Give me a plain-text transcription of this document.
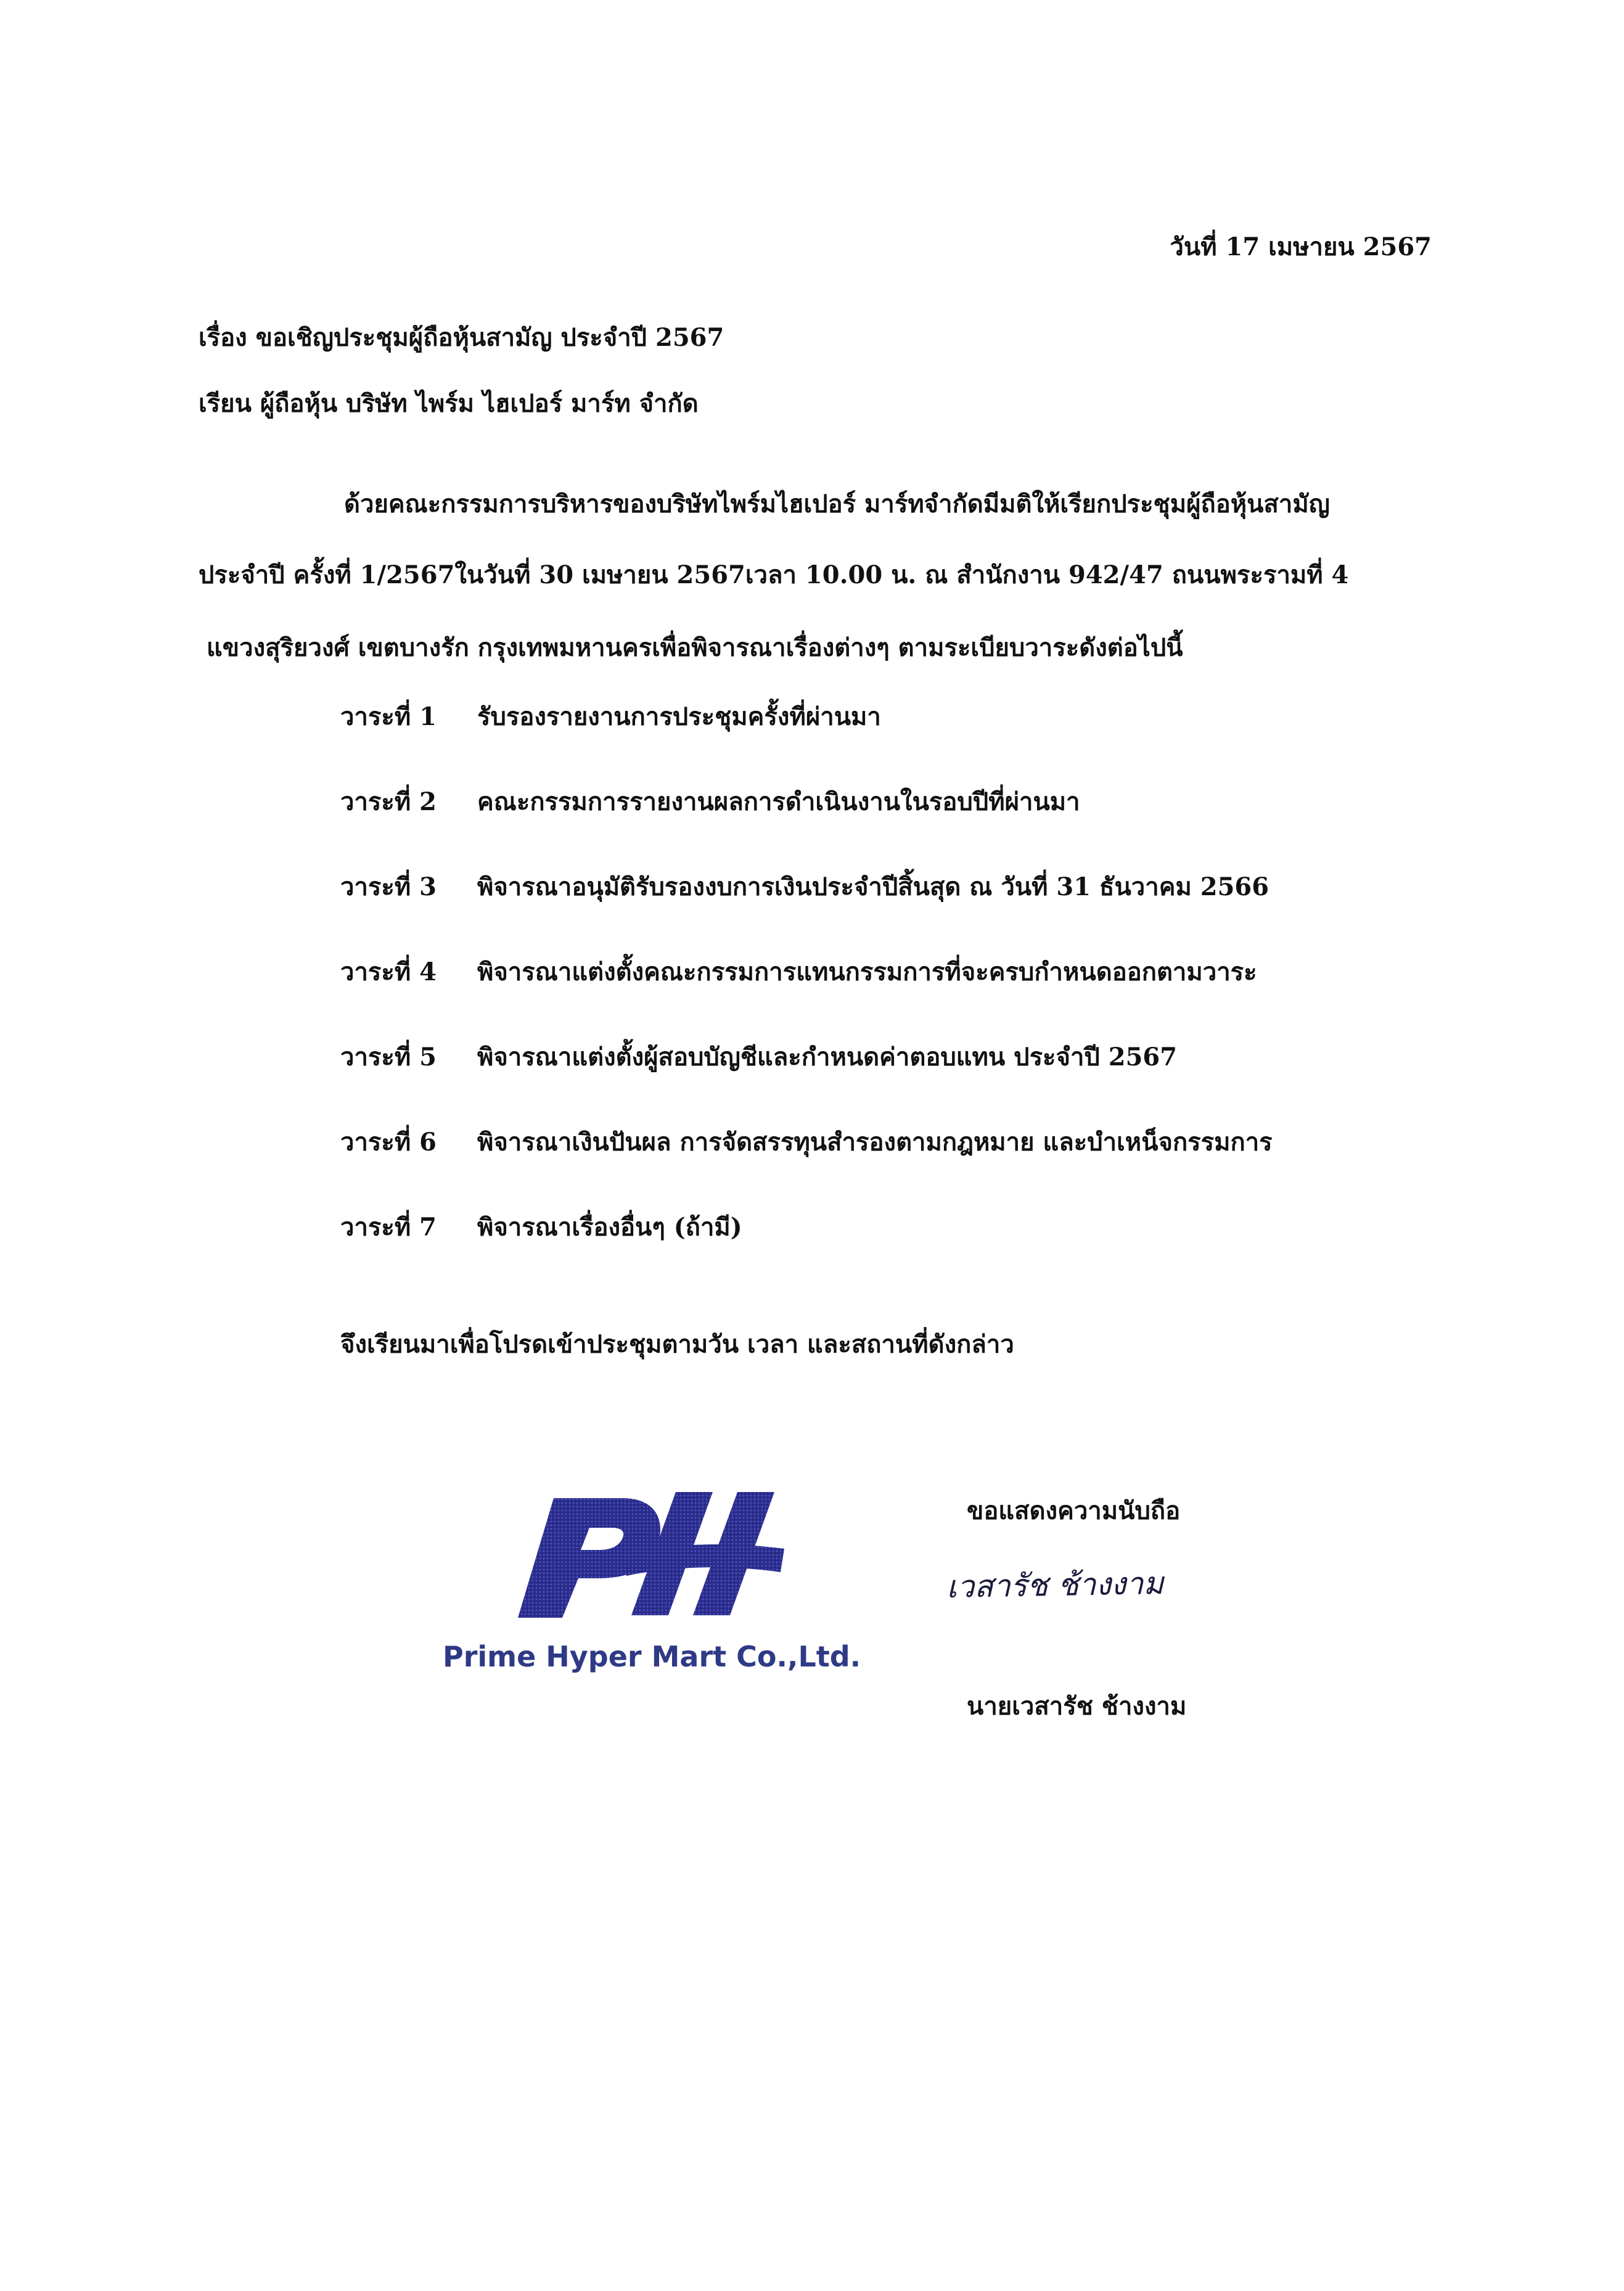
วันที่ 17 เมษายน 2567
เรื่อง ขอเชิญประชุมผู้ถือหุ้นสามัญ ประจำปี 2567
เรียน ผู้ถือหุ้น บริษัท ไพร์ม ไฮเปอร์ มาร์ท จำกัด
ด้วยคณะกรรมการบริหารของบริษัทไพร์มไฮเปอร์ มาร์ทจำกัดมีมติให้เรียกประชุมผู้ถือหุ้นสามัญ
ประจำปี ครั้งที่ 1/2567ในวันที่ 30 เมษายน 2567เวลา 10.00 น. ณ สำนักงาน 942/47 ถนนพระรามที่ 4
แขวงสุริยวงศ์ เขตบางรัก กรุงเทพมหานครเพื่อพิจารณาเรื่องต่างๆ ตามระเบียบวาระดังต่อไปนี้
วาระที่ 1 รับรองรายงานการประชุมครั้งที่ผ่านมา
วาระที่ 2 คณะกรรมการรายงานผลการดำเนินงานในรอบปีที่ผ่านมา
วาระที่ 3 พิจารณาอนุมัติรับรองงบการเงินประจำปีสิ้นสุด ณ วันที่ 31 ธันวาคม 2566
วาระที่ 4 พิจารณาแต่งตั้งคณะกรรมการแทนกรรมการที่จะครบกำหนดออกตามวาระ
วาระที่ 5 พิจารณาแต่งตั้งผู้สอบบัญชีและกำหนดค่าตอบแทน ประจำปี 2567
วาระที่ 6 พิจารณาเงินปันผล การจัดสรรทุนสำรองตามกฎหมาย และบำเหน็จกรรมการ
วาระที่ 7 พิจารณาเรื่องอื่นๆ (ถ้ามี)
จึงเรียนมาเพื่อโปรดเข้าประชุมตามวัน เวลา และสถานที่ดังกล่าว
Prime Hyper Mart Co.,Ltd.
ขอแสดงความนับถือ
เวสารัช ช้างงาม
นายเวสารัช ช้างงาม
